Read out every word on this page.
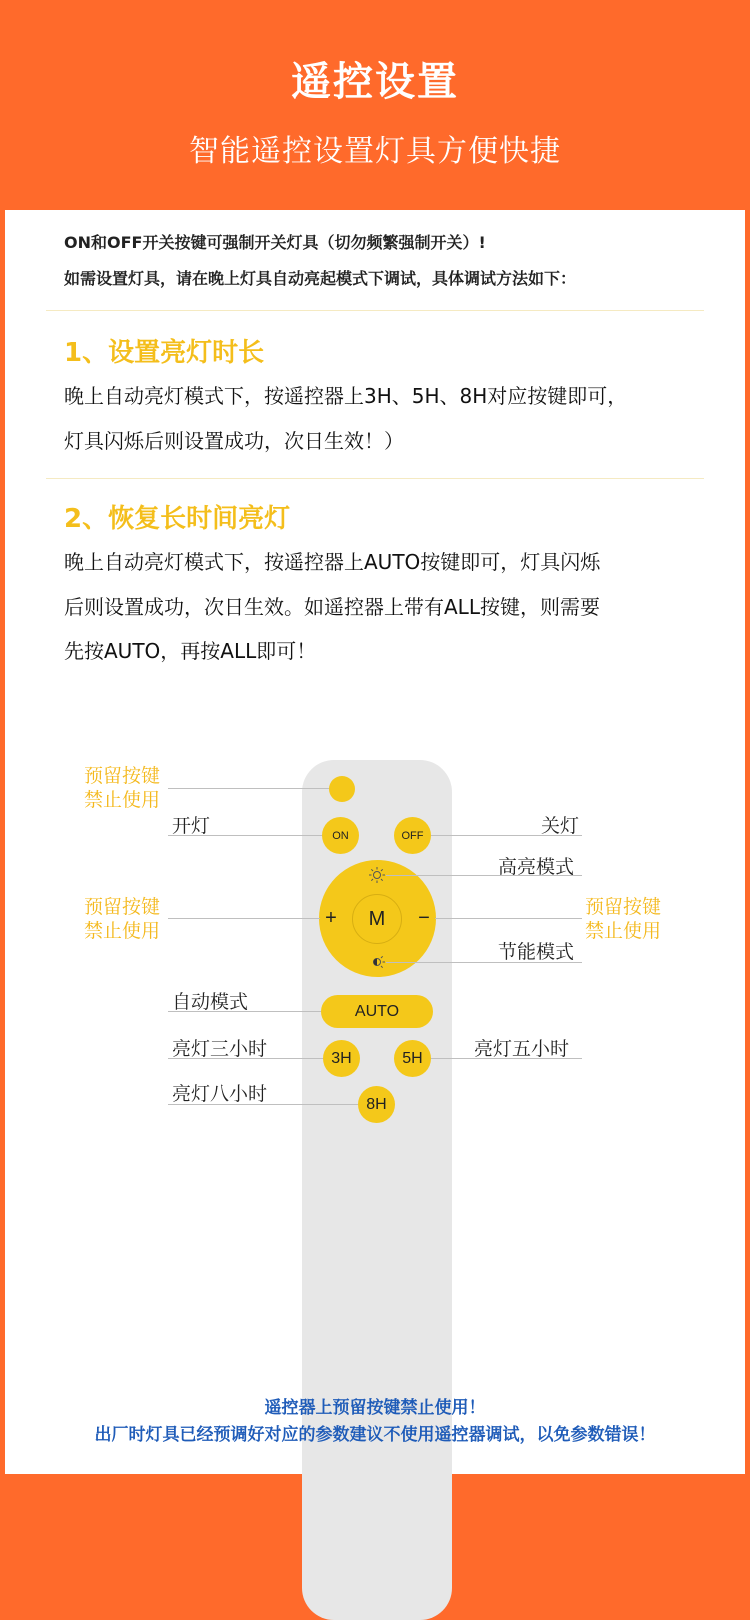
遥控设置
智能遥控设置灯具方便快捷
ON和OFF开关按键可强制开关灯具（切勿频繁强制开关）!
如需设置灯具，请在晚上灯具自动亮起模式下调试，具体调试方法如下：
1、设置亮灯时长
晚上自动亮灯模式下，按遥控器上3H、5H、8H对应按键即可，
灯具闪烁后则设置成功，次日生效！）
2、恢复长时间亮灯
晚上自动亮灯模式下，按遥控器上AUTO按键即可，灯具闪烁
后则设置成功，次日生效。如遥控器上带有ALL按键，则需要
先按AUTO，再按ALL即可！
ON	OFF
M
+	−
AUTO
3H	5H
8H
预留按键
禁止使用
开灯	关灯
高亮模式
预留按键
禁止使用
预留按键
禁止使用
节能模式
自动模式
亮灯三小时	亮灯五小时
亮灯八小时
遥控器上预留按键禁止使用！
出厂时灯具已经预调好对应的参数建议不使用遥控器调试，以免参数错误！
